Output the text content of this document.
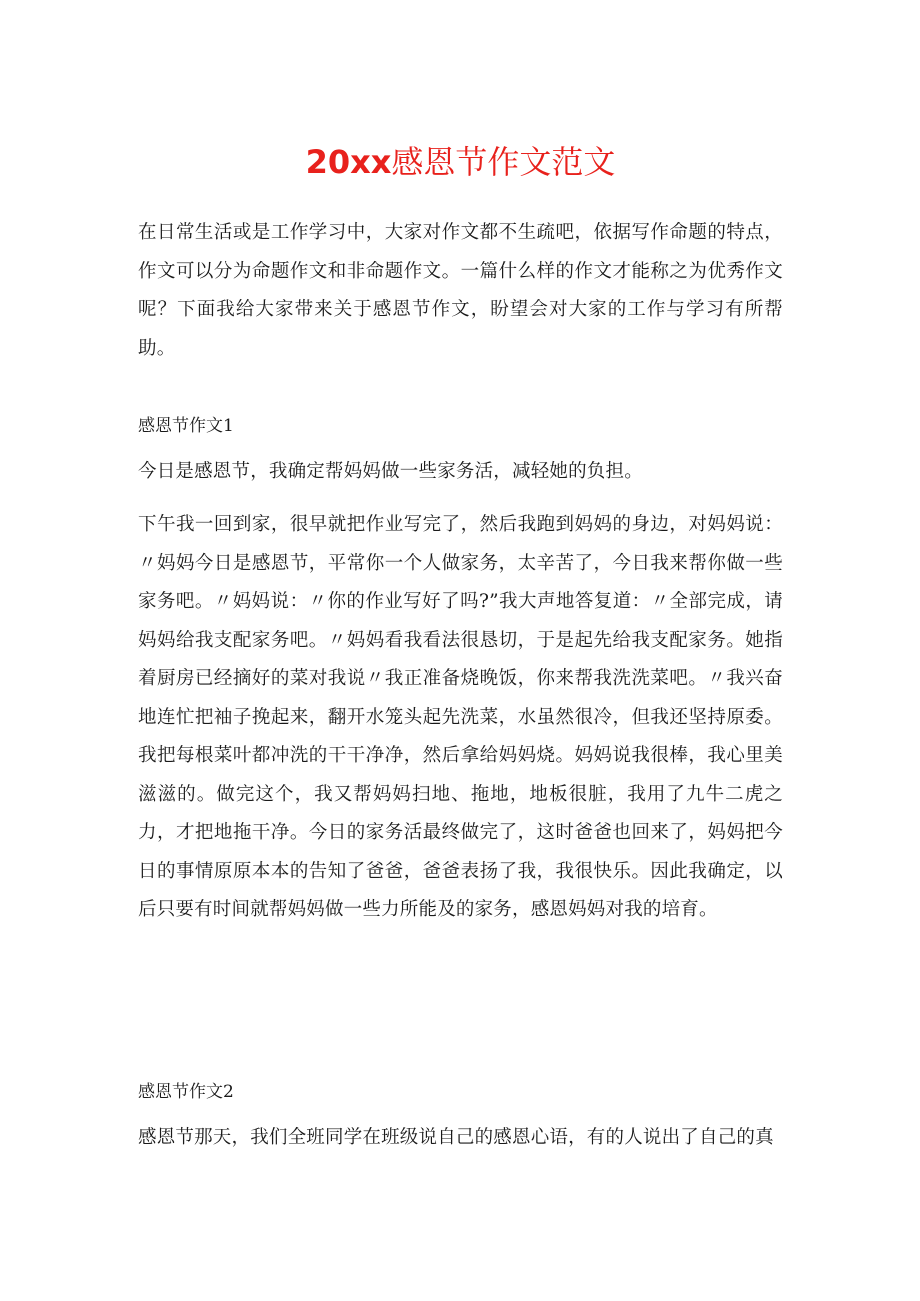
20xx感恩节作文范文

在日常生活或是工作学习中，大家对作文都不生疏吧，依据写作命题的特点，作文可以分为命题作文和非命题作文。一篇什么样的作文才能称之为优秀作文呢？下面我给大家带来关于感恩节作文，盼望会对大家的工作与学习有所帮助。

感恩节作文1

今日是感恩节，我确定帮妈妈做一些家务活，减轻她的负担。

下午我一回到家，很早就把作业写完了，然后我跑到妈妈的身边，对妈妈说：〃妈妈今日是感恩节，平常你一个人做家务，太辛苦了，今日我来帮你做一些家务吧。〃妈妈说：〃你的作业写好了吗?”我大声地答复道：〃全部完成，请妈妈给我支配家务吧。〃妈妈看我看法很恳切，于是起先给我支配家务。她指着厨房已经摘好的菜对我说〃我正准备烧晚饭，你来帮我洗洗菜吧。〃我兴奋地连忙把袖子挽起来，翻开水笼头起先洗菜，水虽然很冷，但我还坚持原委。我把每根菜叶都冲洗的干干净净，然后拿给妈妈烧。妈妈说我很棒，我心里美滋滋的。做完这个，我又帮妈妈扫地、拖地，地板很脏，我用了九牛二虎之力，才把地拖干净。今日的家务活最终做完了，这时爸爸也回来了，妈妈把今日的事情原原本本的告知了爸爸，爸爸表扬了我，我很快乐。因此我确定，以后只要有时间就帮妈妈做一些力所能及的家务，感恩妈妈对我的培育。

感恩节作文2

感恩节那天，我们全班同学在班级说自己的感恩心语，有的人说出了自己的真
